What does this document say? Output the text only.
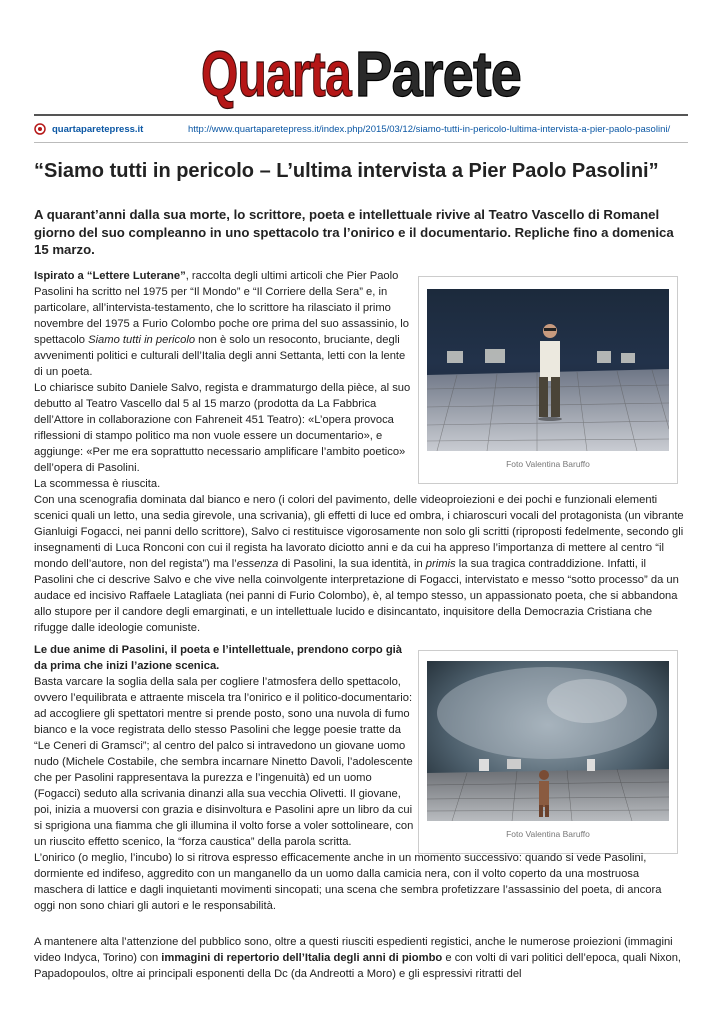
Quarta Parete
quartaparetepress.it	http://www.quartaparetepress.it/index.php/2015/03/12/siamo-tutti-in-pericolo-lultima-intervista-a-pier-paolo-pasolini/
“Siamo tutti in pericolo – L’ultima intervista a Pier Paolo Pasolini”

A quarant’anni dalla sua morte, lo scrittore, poeta e intellettuale rivive al Teatro Vascello di Romanel giorno del suo compleanno in uno spettacolo tra l’onirico e il documentario. Repliche fino a domenica 15 marzo.

Foto Valentina Baruffo

Ispirato a “Lettere Luterane”, raccolta degli ultimi articoli che Pier Paolo Pasolini ha scritto nel 1975 per “Il Mondo” e “Il Corriere della Sera” e, in particolare, all’intervista-testamento, che lo scrittore ha rilasciato il primo novembre del 1975 a Furio Colombo poche ore prima del suo assassinio, lo spettacolo Siamo tutti in pericolo non è solo un resoconto, bruciante, degli avvenimenti politici e culturali dell’Italia degli anni Settanta, letti con la lente di un poeta.

Lo chiarisce subito Daniele Salvo, regista e drammaturgo della pièce, al suo debutto al Teatro Vascello dal 5 al 15 marzo (prodotta da La Fabbrica dell’Attore in collaborazione con Fahreneit 451 Teatro): «L’opera provoca riflessioni di stampo politico ma non vuole essere un documentario», e aggiunge: «Per me era soprattutto necessario amplificare l’ambito poetico» dell’opera di Pasolini.

La scommessa è riuscita.

Con una scenografia dominata dal bianco e nero (i colori del pavimento, delle videoproiezioni e dei pochi e funzionali elementi scenici quali un letto, una sedia girevole, una scrivania), gli effetti di luce ed ombra, i chiaroscuri vocali del protagonista (un vibrante Gianluigi Fogacci, nei panni dello scrittore), Salvo ci restituisce vigorosamente non solo gli scritti (riproposti fedelmente, secondo gli insegnamenti di Luca Ronconi con cui il regista ha lavorato diciotto anni e da cui ha appreso l’importanza di mettere al centro “il mondo dell’autore, non del regista”) ma l’essenza di Pasolini, la sua identità, in primis la sua tragica contraddizione. Infatti, il Pasolini che ci descrive Salvo e che vive nella coinvolgente interpretazione di Fogacci, intervistato e messo “sotto processo” da un audace ed incisivo Raffaele Latagliata (nei panni di Furio Colombo), è, al tempo stesso, un appassionato poeta, che si abbandona allo stupore per il candore degli emarginati, e un intellettuale lucido e disincantato, inquisitore della Democrazia Cristiana che rifugge dalle ideologie comuniste.

Foto Valentina Baruffo

Le due anime di Pasolini, il poeta e l’intellettuale, prendono corpo già da prima che inizi l’azione scenica.

Basta varcare la soglia della sala per cogliere l’atmosfera dello spettacolo, ovvero l’equilibrata e attraente miscela tra l’onirico e il politico-documentario: ad accogliere gli spettatori mentre si prende posto, sono una nuvola di fumo bianco e la voce registrata dello stesso Pasolini che legge poesie tratte da “Le Ceneri di Gramsci”; al centro del palco si intravedono un giovane uomo nudo (Michele Costabile, che sembra incarnare Ninetto Davoli, l’adolescente che per Pasolini rappresentava la purezza e l’ingenuità) ed un uomo (Fogacci) seduto alla scrivania dinanzi alla sua vecchia Olivetti. Il giovane, poi, inizia a muoversi con grazia e disinvoltura e Pasolini apre un libro da cui si sprigiona una fiamma che gli illumina il volto forse a voler sottolineare, con un riuscito effetto scenico, la “forza caustica” della parola scritta.

L’onirico (o meglio, l’incubo) lo si ritrova espresso efficacemente anche in un momento successivo: quando si vede Pasolini, dormiente ed indifeso, aggredito con un manganello da un uomo dalla camicia nera, con il volto coperto da una mostruosa maschera di lattice e dagli inquietanti movimenti sincopati; una scena che sembra profetizzare l’assassinio del poeta, di ancora oggi non sono chiari gli autori e le responsabilità.

A mantenere alta l’attenzione del pubblico sono, oltre a questi riusciti espedienti registici, anche le numerose proiezioni (immagini video Indyca, Torino) con immagini di repertorio dell’Italia degli anni di piombo e con volti di vari politici dell’epoca, quali Nixon, Papadopoulos, oltre ai principali esponenti della Dc (da Andreotti a Moro) e gli espressivi ritratti del
